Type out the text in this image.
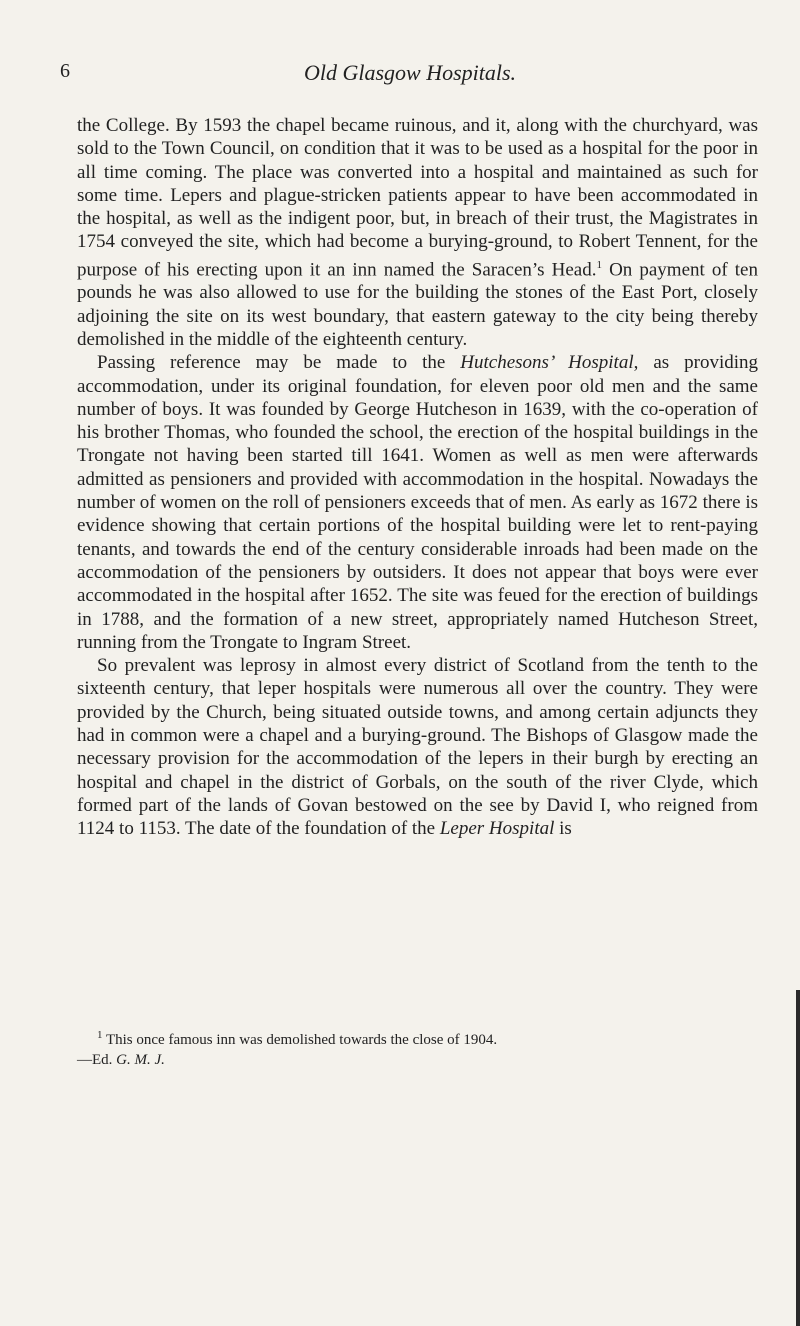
6	Old Glasgow Hospitals.

the College. By 1593 the chapel became ruinous, and it, along with the churchyard, was sold to the Town Council, on condition that it was to be used as a hospital for the poor in all time coming. The place was converted into a hospital and maintained as such for some time. Lepers and plague-stricken patients appear to have been accommodated in the hospital, as well as the indigent poor, but, in breach of their trust, the Magistrates in 1754 conveyed the site, which had become a burying-ground, to Robert Tennent, for the purpose of his erecting upon it an inn named the Saracen’s Head.$^1$ On payment of ten pounds he was also allowed to use for the building the stones of the East Port, closely adjoining the site on its west boundary, that eastern gateway to the city being thereby demolished in the middle of the eighteenth century.

Passing reference may be made to the Hutchesons’ Hospital, as providing accommodation, under its original foundation, for eleven poor old men and the same number of boys. It was founded by George Hutcheson in 1639, with the co-operation of his brother Thomas, who founded the school, the erection of the hospital buildings in the Trongate not having been started till 1641. Women as well as men were afterwards admitted as pensioners and provided with accommodation in the hospital. Nowadays the number of women on the roll of pensioners exceeds that of men. As early as 1672 there is evidence showing that certain portions of the hospital building were let to rent-paying tenants, and towards the end of the century considerable inroads had been made on the accommodation of the pensioners by outsiders. It does not appear that boys were ever accommodated in the hospital after 1652. The site was feued for the erection of buildings in 1788, and the formation of a new street, appropriately named Hutcheson Street, running from the Trongate to Ingram Street.

So prevalent was leprosy in almost every district of Scotland from the tenth to the sixteenth century, that leper hospitals were numerous all over the country. They were provided by the Church, being situated outside towns, and among certain adjuncts they had in common were a chapel and a burying-ground. The Bishops of Glasgow made the necessary provision for the accommodation of the lepers in their burgh by erecting an hospital and chapel in the district of Gorbals, on the south of the river Clyde, which formed part of the lands of Govan bestowed on the see by David I, who reigned from 1124 to 1153. The date of the foundation of the Leper Hospital is

$^1$ This once famous inn was demolished towards the close of 1904.
—Ed. G. M. J.
